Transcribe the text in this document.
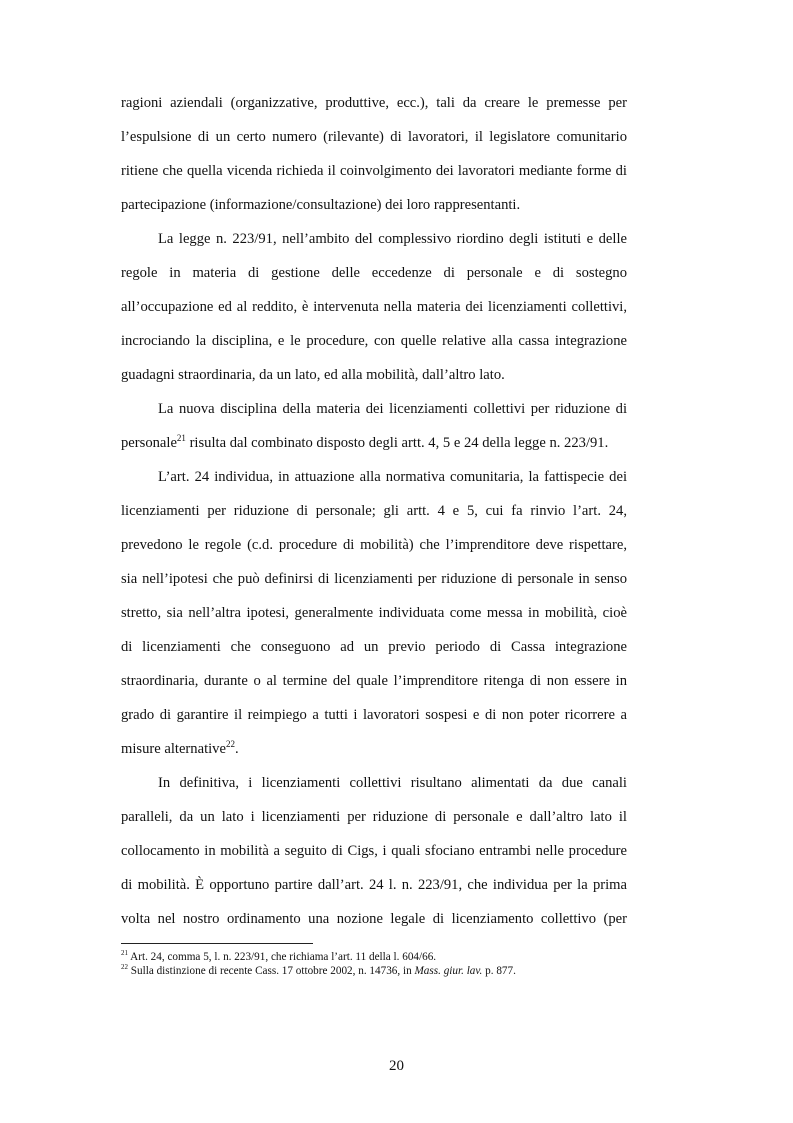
ragioni aziendali (organizzative, produttive, ecc.), tali da creare le premesse per
l’espulsione di un certo numero (rilevante) di lavoratori, il legislatore comunitario
ritiene che quella vicenda richieda il coinvolgimento dei lavoratori mediante forme di
partecipazione (informazione/consultazione) dei loro rappresentanti.
La legge n. 223/91, nell’ambito del complessivo riordino degli istituti e delle
regole in materia di gestione delle eccedenze di personale e di sostegno
all’occupazione ed al reddito, è intervenuta nella materia dei licenziamenti collettivi,
incrociando la disciplina, e le procedure, con quelle relative alla cassa integrazione
guadagni straordinaria, da un lato, ed alla mobilità, dall’altro lato.
La nuova disciplina della materia dei licenziamenti collettivi per riduzione di
personale$^{21}$ risulta dal combinato disposto degli artt. 4, 5 e 24 della legge n. 223/91.
L’art. 24 individua, in attuazione alla normativa comunitaria, la fattispecie dei
licenziamenti per riduzione di personale; gli artt. 4 e 5, cui fa rinvio l’art. 24,
prevedono le regole (c.d. procedure di mobilità) che l’imprenditore deve rispettare,
sia nell’ipotesi che può definirsi di licenziamenti per riduzione di personale in senso
stretto, sia nell’altra ipotesi, generalmente individuata come messa in mobilità, cioè
di licenziamenti che conseguono ad un previo periodo di Cassa integrazione
straordinaria, durante o al termine del quale l’imprenditore ritenga di non essere in
grado di garantire il reimpiego a tutti i lavoratori sospesi e di non poter ricorrere a
misure alternative$^{22}$.
In definitiva, i licenziamenti collettivi risultano alimentati da due canali
paralleli, da un lato i licenziamenti per riduzione di personale e dall’altro lato il
collocamento in mobilità a seguito di Cigs, i quali sfociano entrambi nelle procedure
di mobilità. È opportuno partire dall’art. 24 l. n. 223/91, che individua per la prima
volta nel nostro ordinamento una nozione legale di licenziamento collettivo (per
$^{21}$ Art. 24, comma 5, l. n. 223/91, che richiama l’art. 11 della l. 604/66.
$^{22}$ Sulla distinzione di recente Cass. 17 ottobre 2002, n. 14736, in Mass. giur. lav. p. 877.
20
